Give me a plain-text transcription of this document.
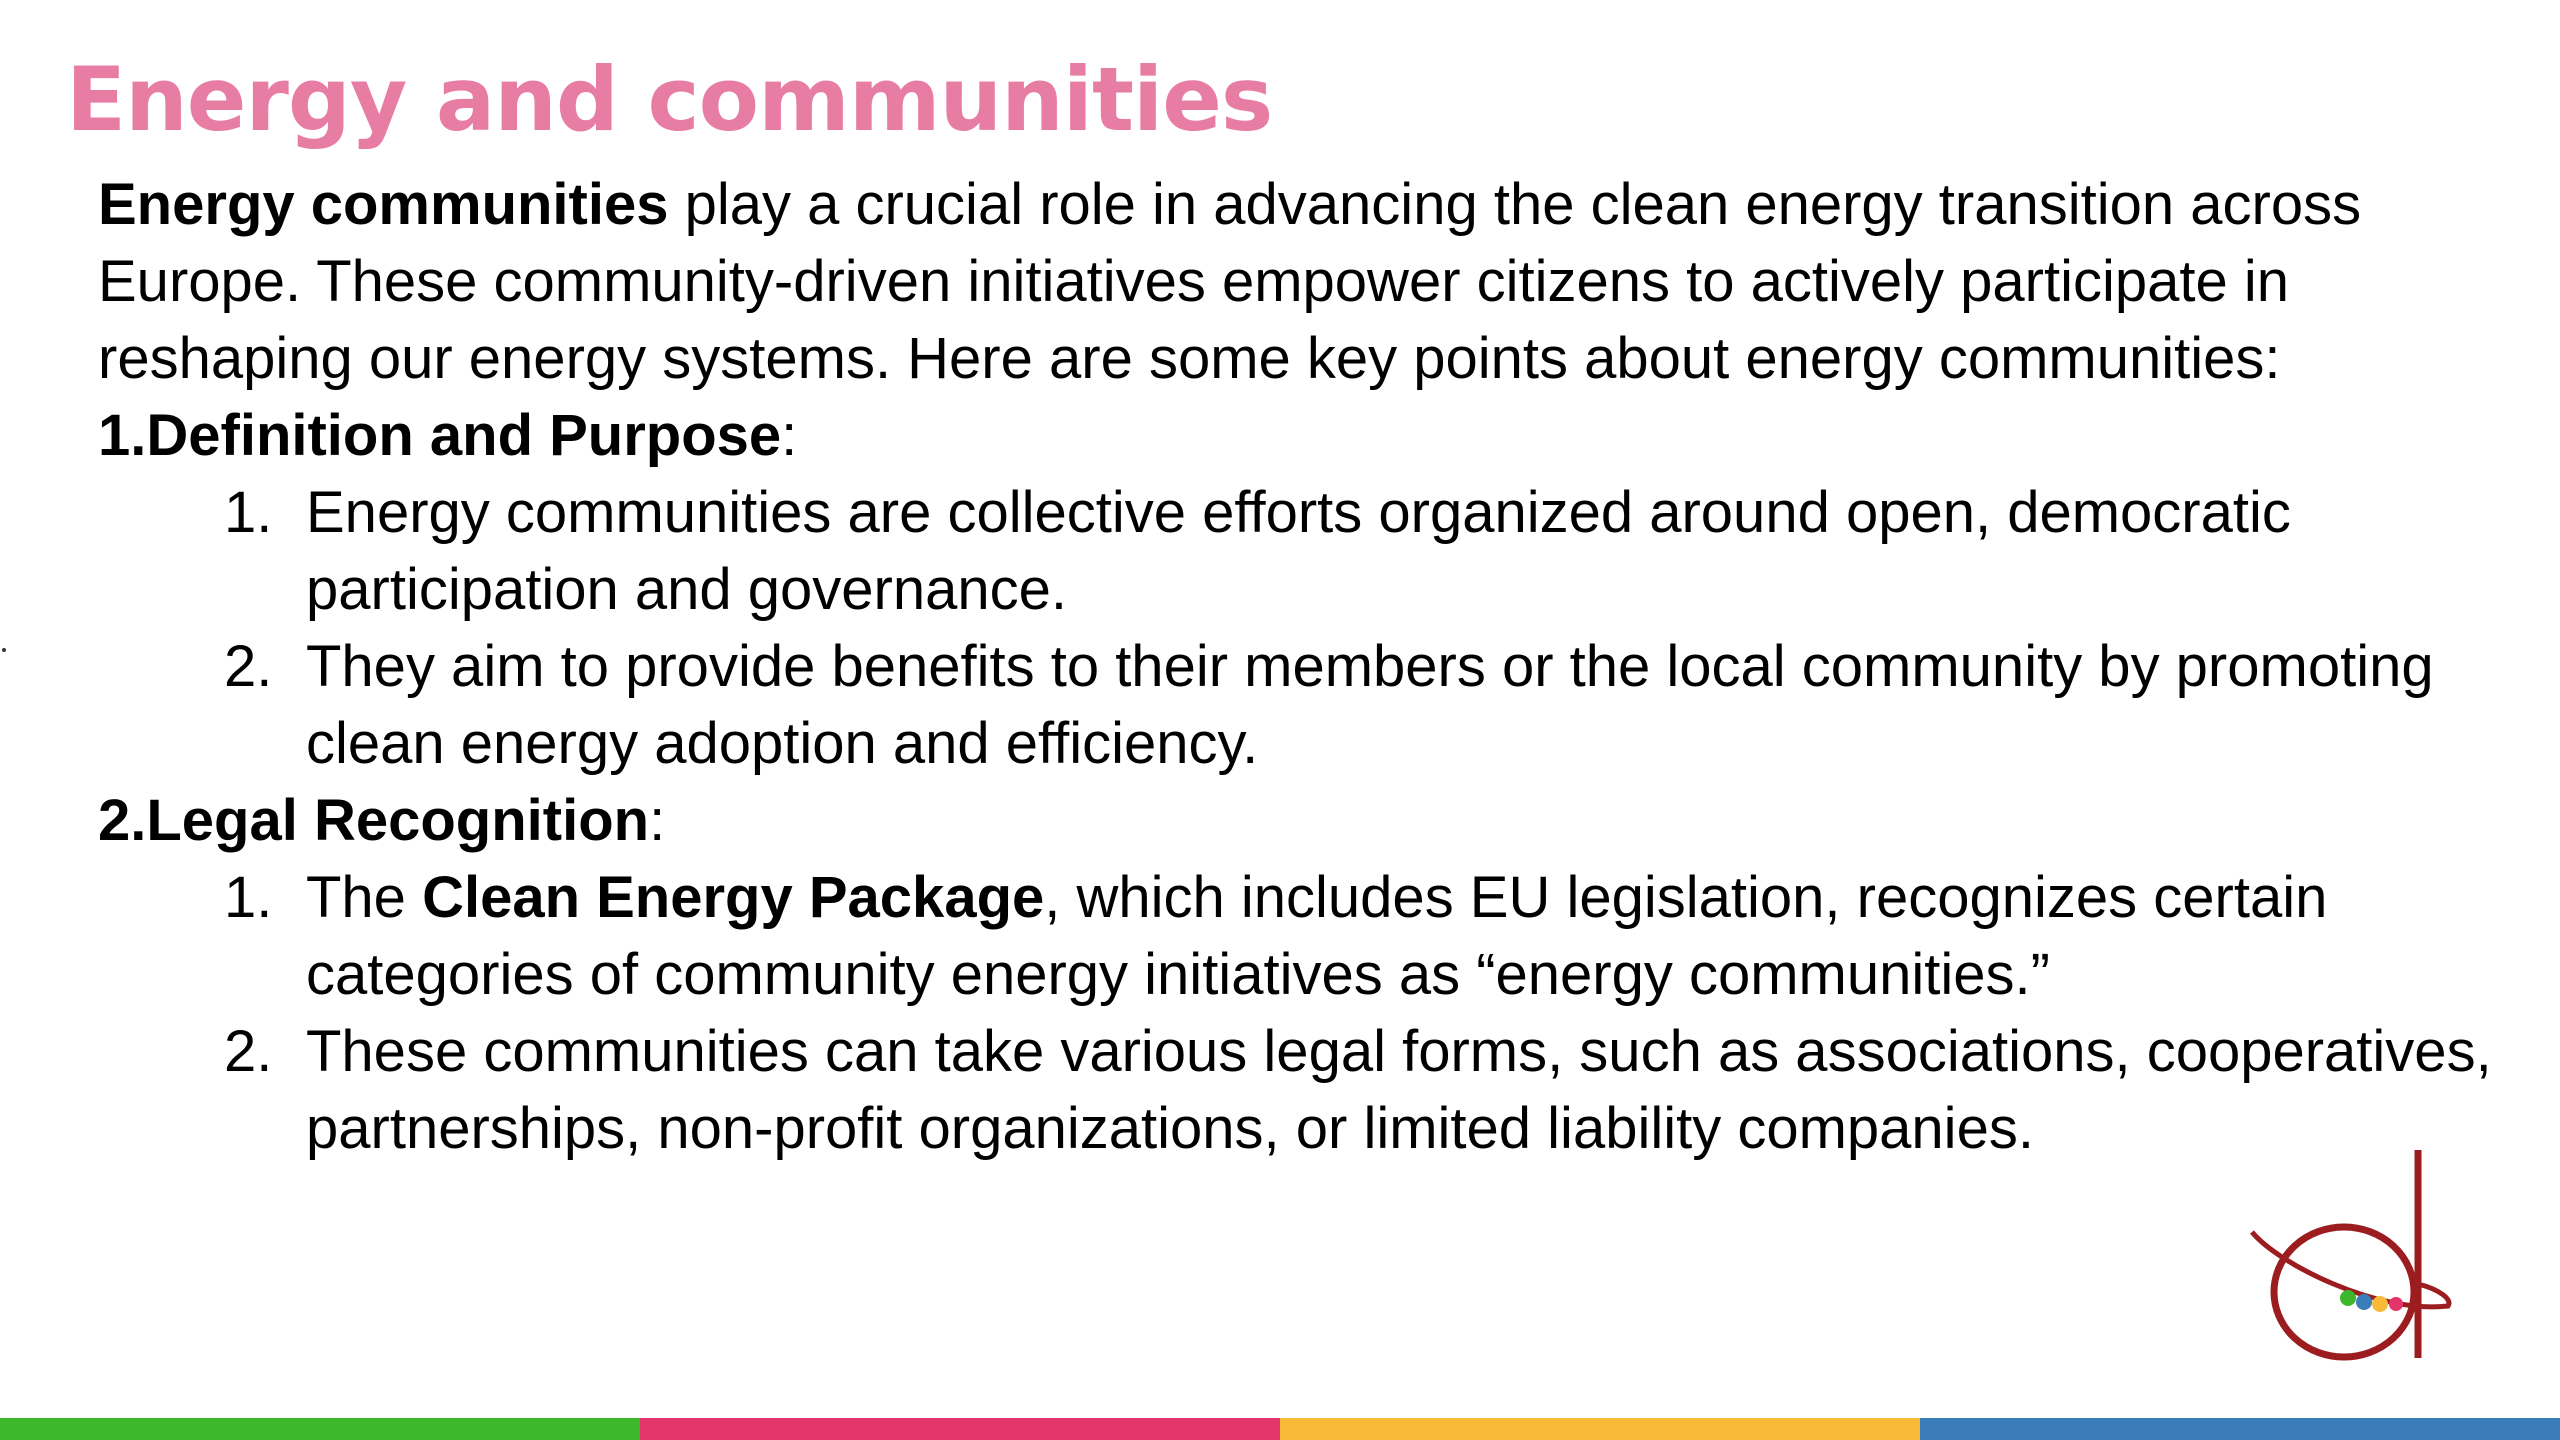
Energy and communities

Energy communities play a crucial role in advancing the clean energy transition across Europe. These community-driven initiatives empower citizens to actively participate in reshaping our energy systems. Here are some key points about energy communities:

1.Definition and Purpose:

1. Energy communities are collective efforts organized around open, democratic participation and governance.
2. They aim to provide benefits to their members or the local community by promoting clean energy adoption and efficiency.

2.Legal Recognition:

1. The Clean Energy Package, which includes EU legislation, recognizes certain categories of community energy initiatives as “energy communities.”
2. These communities can take various legal forms, such as associations, cooperatives, partnerships, non-profit organizations, or limited liability companies.
